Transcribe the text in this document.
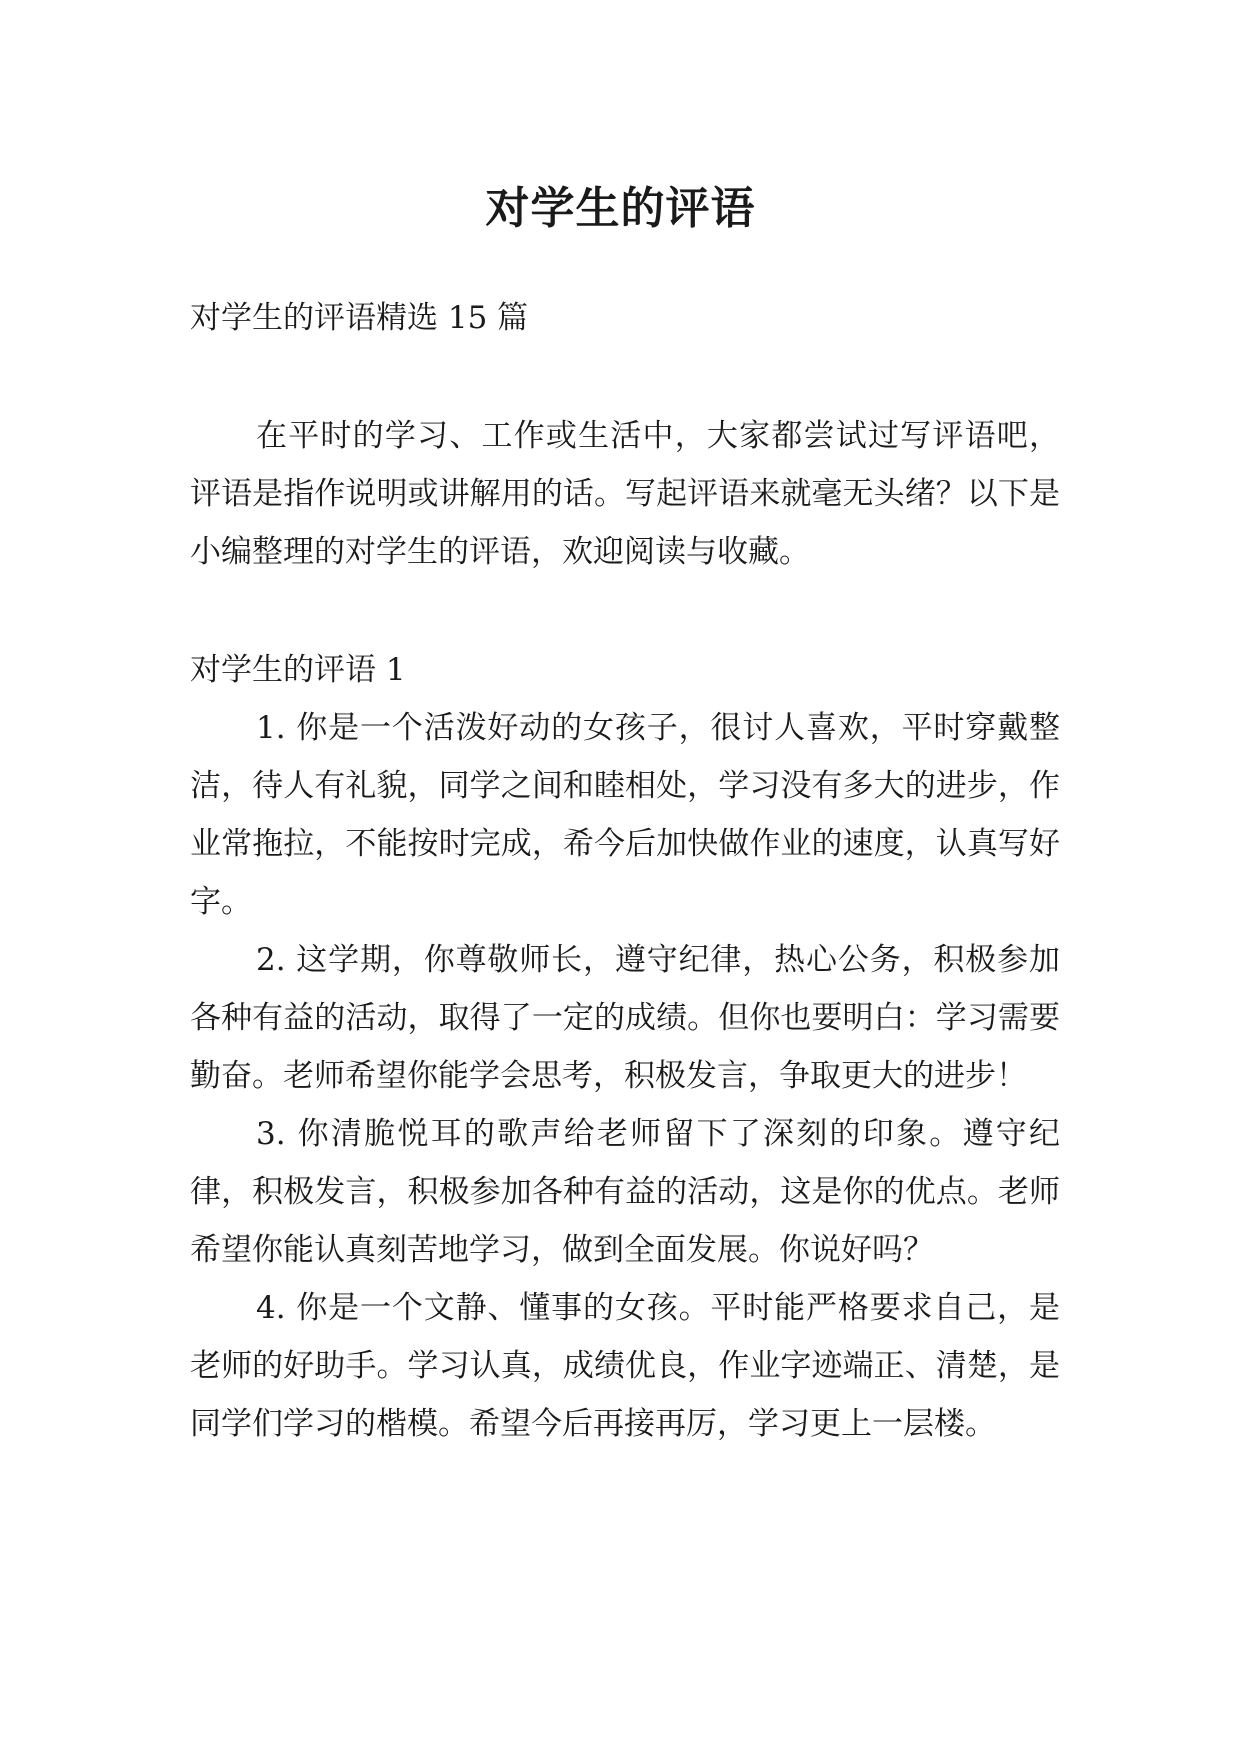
对学生的评语

对学生的评语精选 15 篇

在平时的学习、工作或生活中，大家都尝试过写评语吧，评语是指作说明或讲解用的话。写起评语来就毫无头绪？以下是小编整理的对学生的评语，欢迎阅读与收藏。

对学生的评语 1

1. 你是一个活泼好动的女孩子，很讨人喜欢，平时穿戴整洁，待人有礼貌，同学之间和睦相处，学习没有多大的进步，作业常拖拉，不能按时完成，希今后加快做作业的速度，认真写好字。

2. 这学期，你尊敬师长，遵守纪律，热心公务，积极参加各种有益的活动，取得了一定的成绩。但你也要明白：学习需要勤奋。老师希望你能学会思考，积极发言，争取更大的进步！

3. 你清脆悦耳的歌声给老师留下了深刻的印象。遵守纪律，积极发言，积极参加各种有益的活动，这是你的优点。老师希望你能认真刻苦地学习，做到全面发展。你说好吗？

4. 你是一个文静、懂事的女孩。平时能严格要求自己，是老师的好助手。学习认真，成绩优良，作业字迹端正、清楚，是同学们学习的楷模。希望今后再接再厉，学习更上一层楼。
